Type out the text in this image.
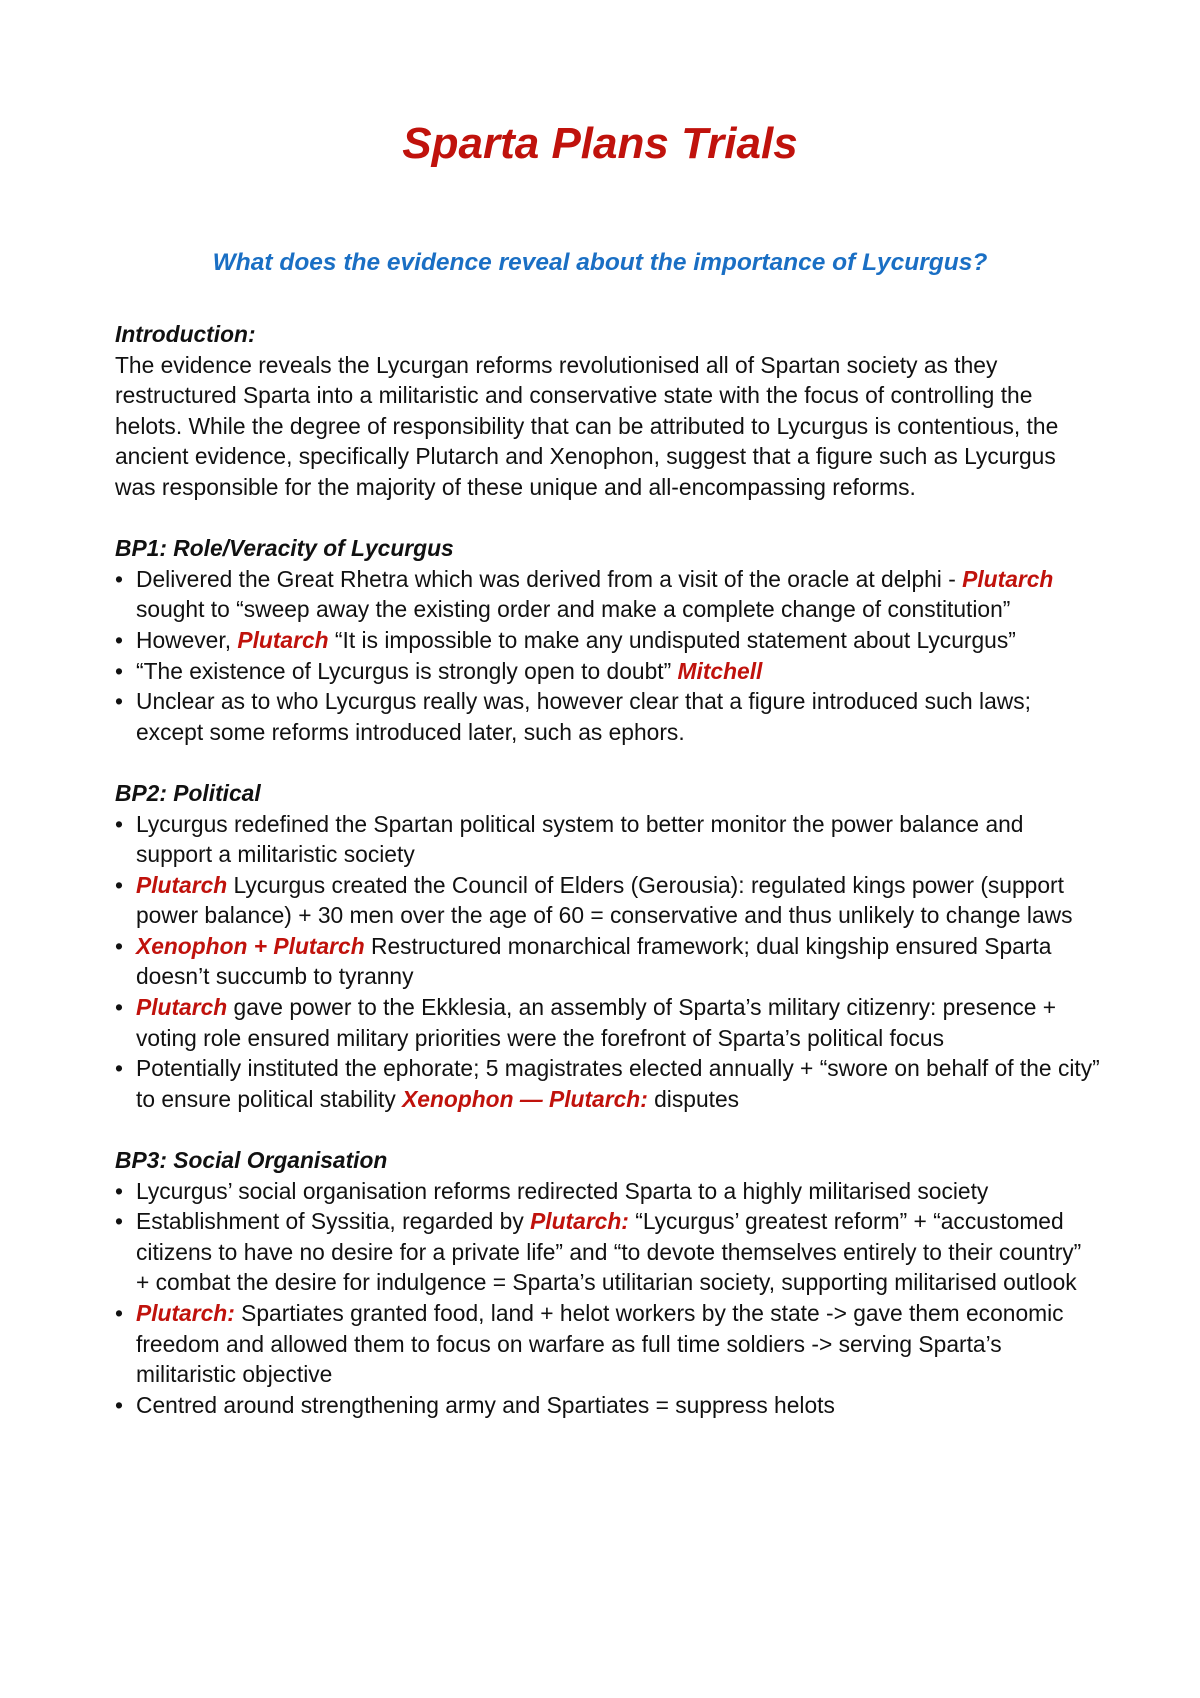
Sparta Plans Trials
What does the evidence reveal about the importance of Lycurgus?

Introduction:

The evidence reveals the Lycurgan reforms revolutionised all of Spartan society as they restructured Sparta into a militaristic and conservative state with the focus of controlling the helots. While the degree of responsibility that can be attributed to Lycurgus is contentious, the ancient evidence, specifically Plutarch and Xenophon, suggest that a figure such as Lycurgus was responsible for the majority of these unique and all-encompassing reforms.

BP1: Role/Veracity of Lycurgus

• Delivered the Great Rhetra which was derived from a visit of the oracle at delphi - Plutarch sought to “sweep away the existing order and make a complete change of constitution”
• However, Plutarch “It is impossible to make any undisputed statement about Lycurgus”
• “The existence of Lycurgus is strongly open to doubt” Mitchell
• Unclear as to who Lycurgus really was, however clear that a figure introduced such laws; except some reforms introduced later, such as ephors.

BP2: Political

• Lycurgus redefined the Spartan political system to better monitor the power balance and support a militaristic society
• Plutarch Lycurgus created the Council of Elders (Gerousia): regulated kings power (support power balance) + 30 men over the age of 60 = conservative and thus unlikely to change laws
• Xenophon + Plutarch Restructured monarchical framework; dual kingship ensured Sparta doesn’t succumb to tyranny
• Plutarch gave power to the Ekklesia, an assembly of Sparta’s military citizenry: presence + voting role ensured military priorities were the forefront of Sparta’s political focus
• Potentially instituted the ephorate; 5 magistrates elected annually + “swore on behalf of the city” to ensure political stability Xenophon — Plutarch: disputes

BP3: Social Organisation

• Lycurgus’ social organisation reforms redirected Sparta to a highly militarised society
• Establishment of Syssitia, regarded by Plutarch: “Lycurgus’ greatest reform” + “accustomed citizens to have no desire for a private life” and “to devote themselves entirely to their country” + combat the desire for indulgence = Sparta’s utilitarian society, supporting militarised outlook
• Plutarch: Spartiates granted food, land + helot workers by the state -> gave them economic freedom and allowed them to focus on warfare as full time soldiers -> serving Sparta’s militaristic objective
• Centred around strengthening army and Spartiates = suppress helots
